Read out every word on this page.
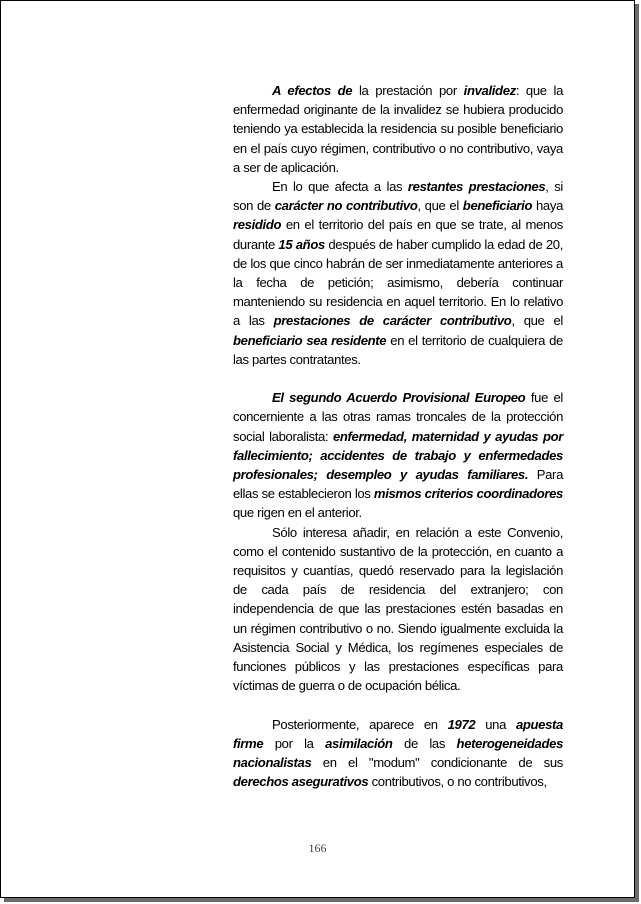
A efectos de la prestación por invalidez: que la enfermedad originante de la invalidez se hubiera producido teniendo ya establecida la residencia su posible beneficiario en el país cuyo régimen, contributivo o no contributivo, vaya a ser de aplicación.

En lo que afecta a las restantes prestaciones, si son de carácter no contributivo, que el beneficiario haya residido en el territorio del país en que se trate, al menos durante 15 años después de haber cumplido la edad de 20, de los que cinco habrán de ser inmediatamente anteriores a la fecha de petición; asimismo, debería continuar manteniendo su residencia en aquel territorio. En lo relativo a las prestaciones de carácter contributivo, que el beneficiario sea residente en el territorio de cualquiera de las partes contratantes.

El segundo Acuerdo Provisional Europeo fue el concerniente a las otras ramas troncales de la protección social laboralista: enfermedad, maternidad y ayudas por fallecimiento; accidentes de trabajo y enfermedades profesionales; desempleo y ayudas familiares. Para ellas se establecieron los mismos criterios coordinadores que rigen en el anterior.

Sólo interesa añadir, en relación a este Convenio, como el contenido sustantivo de la protección, en cuanto a requisitos y cuantías, quedó reservado para la legislación de cada país de residencia del extranjero; con independencia de que las prestaciones estén basadas en un régimen contributivo o no. Siendo igualmente excluida la Asistencia Social y Médica, los regímenes especiales de funciones públicos y las prestaciones específicas para víctimas de guerra o de ocupación bélica.

Posteriormente, aparece en 1972 una apuesta firme por la asimilación de las heterogeneidades nacionalistas en el "modum" condicionante de sus derechos asegurativos contributivos, o no contributivos,

166
